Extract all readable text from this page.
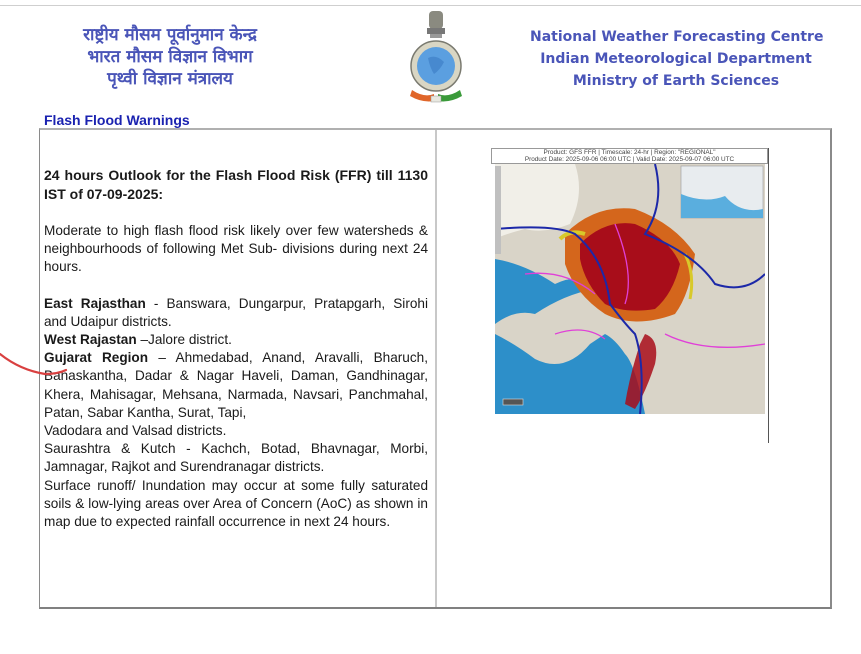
राष्ट्रीय मौसम पूर्वानुमान केन्द्र
भारत मौसम विज्ञान विभाग
पृथ्वी विज्ञान मंत्रालय
National Weather Forecasting Centre
Indian Meteorological Department
Ministry of Earth Sciences
Flash Flood Warnings

24 hours Outlook for the Flash Flood Risk (FFR) till 1130 IST of 07-09-2025:

Moderate to high flash flood risk likely over few watersheds & neighbourhoods of following Met Sub- divisions during next 24 hours.

East Rajasthan - Banswara, Dungarpur, Pratapgarh, Sirohi and Udaipur districts.

West Rajastan –Jalore district.

Gujarat Region – Ahmedabad, Anand, Aravalli, Bharuch, Banaskantha, Dadar & Nagar Haveli, Daman, Gandhinagar, Khera, Mahisagar, Mehsana, Narmada, Navsari, Panchmahal, Patan, Sabar Kantha, Surat, Tapi,

Vadodara and Valsad districts.

Saurashtra & Kutch - Kachch, Botad, Bhavnagar, Morbi, Jamnagar, Rajkot and Surendranagar districts.

Surface runoff/ Inundation may occur at some fully saturated soils & low-lying areas over Area of Concern (AoC) as shown in map due to expected rainfall occurrence in next 24 hours.

Product: GFS FFR | Timescale: 24-hr | Region: "REGIONAL"
Product Date: 2025-09-06 06:00 UTC | Valid Date: 2025-09-07 06:00 UTC
